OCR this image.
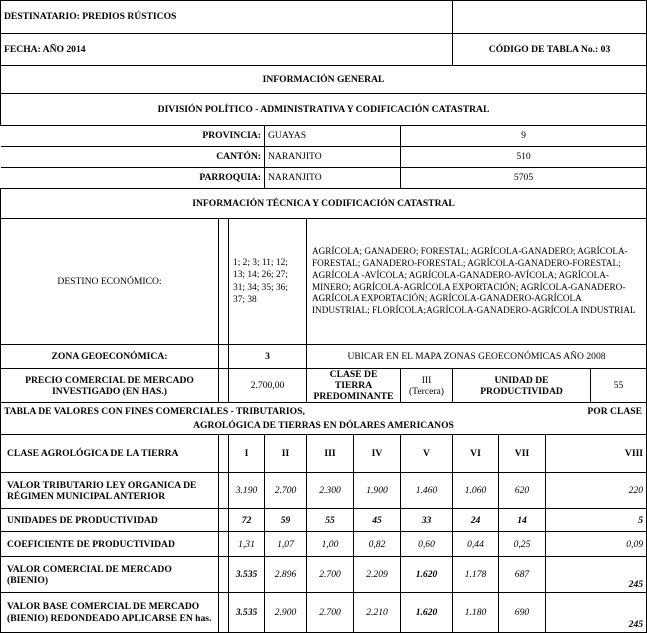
DESTINATARIO: PREDIOS RÚSTICOS										
FECHA: AÑO 2014							CÓDIGO DE TABLA No.: 03			
INFORMACIÓN GENERAL										
DIVISIÓN POLÍTICO - ADMINISTRATIVA Y CODIFICACIÓN CATASTRAL										
PROVINCIA:			GUAYAS			9				
CANTÓN:			NARANJITO			510				
PARROQUIA:			NARANJITO			5705				
INFORMACIÓN TÉCNICA Y CODIFICACIÓN CATASTRAL										
DESTINO ECONÓMICO:		1; 2; 3; 11; 12; 13; 14; 26; 27; 31; 34; 35; 36; 37; 38		AGRÍCOLA; GANADERO; FORESTAL; AGRÍCOLA-GANADERO; AGRÍCOLA-FORESTAL; GANADERO-FORESTAL; AGRÍCOLA-GANADERO-FORESTAL; AGRÍCOLA -AVÍCOLA; AGRÍCOLA-GANADERO-AVÍCOLA; AGRÍCOLA-MINERO; AGRÍCOLA-AGRÍCOLA EXPORTACIÓN; AGRÍCOLA-GANADERO-AGRÍCOLA EXPORTACIÓN; AGRÍCOLA-GANADERO-AGRÍCOLA INDUSTRIAL; FLORÍCOLA;AGRÍCOLA-GANADERO-AGRÍCOLA INDUSTRIAL						
ZONA GEOECONÓMICA:		3		UBICAR EN EL MAPA ZONAS GEOECONÓMICAS AÑO 2008						
PRECIO COMERCIAL DE MERCADO INVESTIGADO (EN HAS.)		2.700,00		CLASE DE TIERRA PREDOMINANTE		III (Tercera)	UNIDAD DE PRODUCTIVIDAD			55

TABLA DE VALORES CON FINES COMERCIALES - TRIBUTARIOS, POR CLASE
AGROLÓGICA DE TIERRAS EN DÓLARES AMERICANOS										

CLASE AGROLÓGICA DE LA TIERRA		I	II	III	IV	V	VI	VII	VIII	
VALOR TRIBUTARIO LEY ORGANICA DE RÉGIMEN MUNICIPAL ANTERIOR		3.190	2.700	2.300	1.900	1.460	1.060	620	220	
UNIDADES DE PRODUCTIVIDAD		72	59	55	45	33	24	14	5	
COEFICIENTE DE PRODUCTIVIDAD		1,31	1,07	1,00	0,82	0,60	0,44	0,25	0,09	
VALOR COMERCIAL DE MERCADO (BIENIO)		3.535	2.896	2.700	2.209	1.620	1.178	687	245	
VALOR BASE COMERCIAL DE MERCADO (BIENIO) REDONDEADO APLICARSE EN has.		3.535	2.900	2.700	2.210	1.620	1.180	690	245	
